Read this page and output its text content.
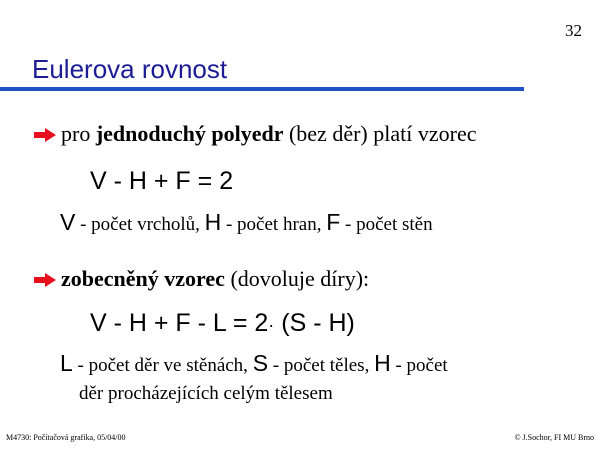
32
Eulerova rovnost
pro jednoduchý polyedr (bez děr) platí vzorec
V - H + F = 2
V - počet vrcholů, H - počet hran, F - počet stěn
zobecněný vzorec (dovoluje díry):
V - H + F - L = 2· (S - H)
L - počet děr ve stěnách, S - počet těles, H - počet
děr procházejících celým tělesem
M4730: Počítačová grafika, 05/04/00	© J.Sochor, FI MU Brno
